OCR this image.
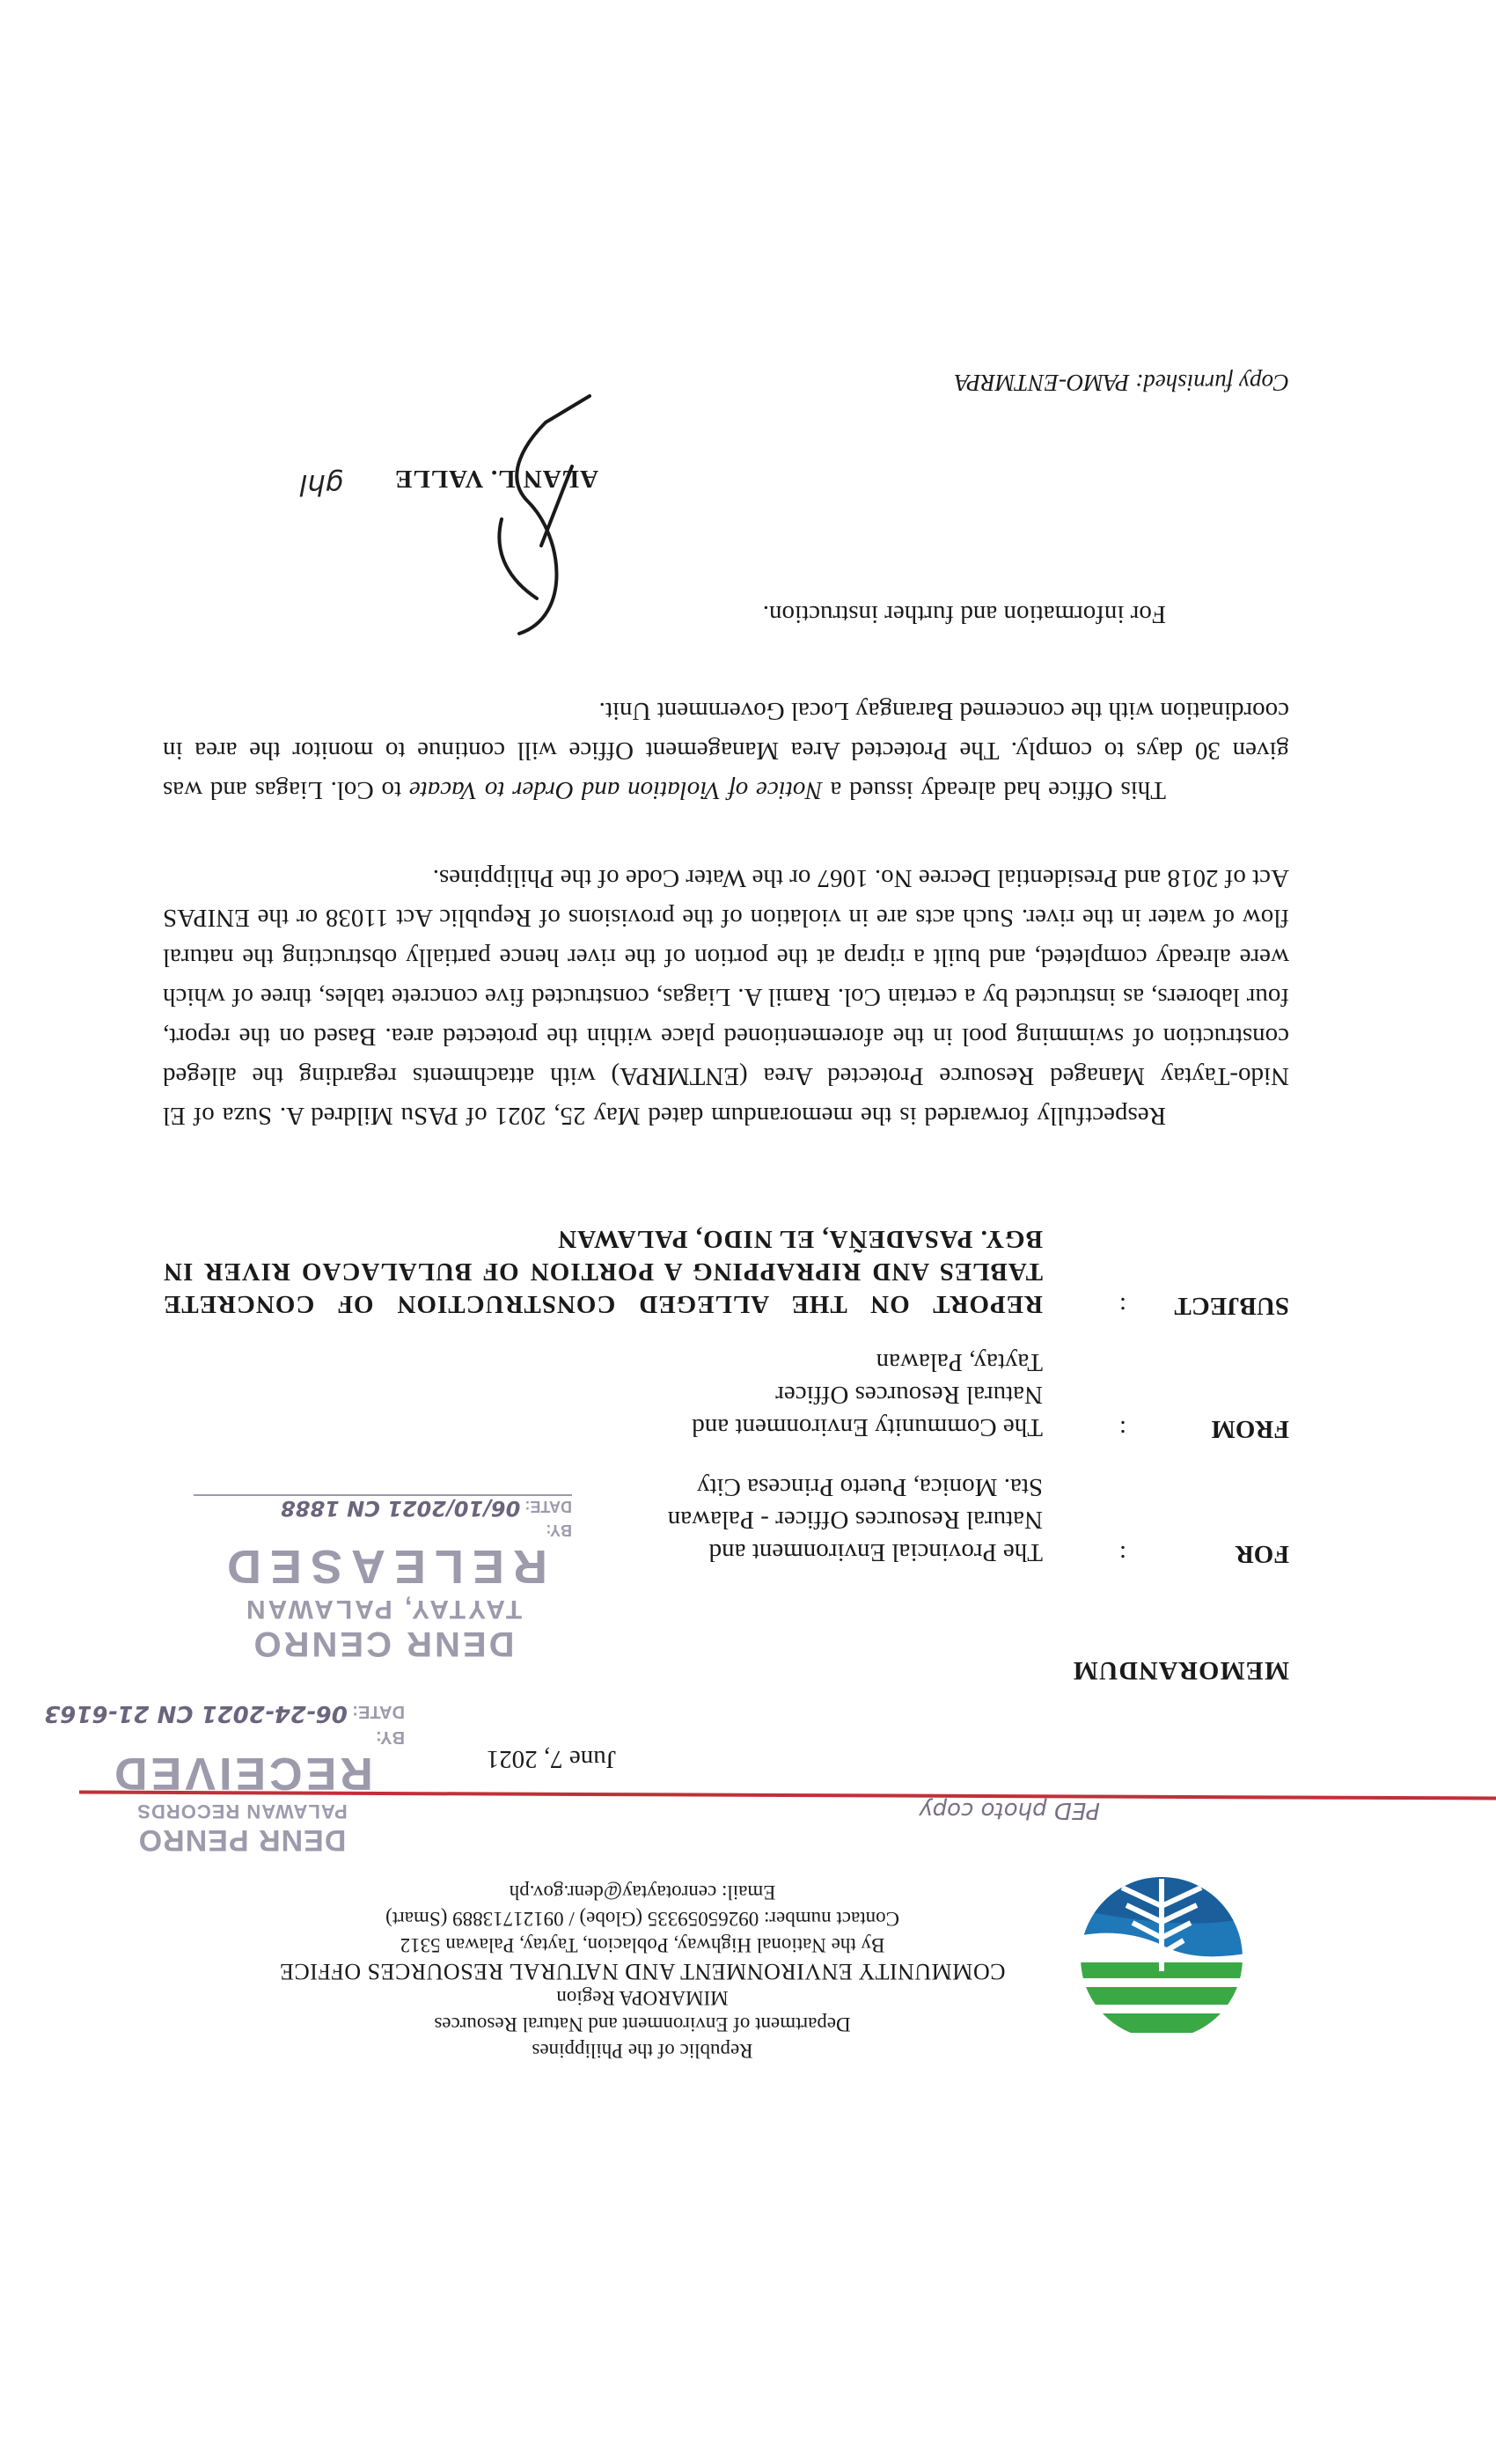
Republic of the Philippines
Department of Environment and Natural Resources
MIMAROPA Region
COMMUNITY ENVIRONMENT AND NATURAL RESOURCES OFFICE
By the National Highway, Poblacion, Taytay, Palawan 5312
Contact number: 09265059335 (Globe) / 09121713889 (Smart)
Email: cenrotaytay@denr.gov.ph
PED photo copy
DENR PENRO
PALAWAN RECORDS
RECEIVED
BY:
DATE: 06-24-2021 CN 21-6163
June 7, 2021
MEMORANDUM
DENR CENRO
TAYTAY, PALAWAN
RELEASED
BY:
DATE: 06/10/2021 CN 1888
FOR
:
The Provincial Environment and
Natural Resources Officer - Palawan
Sta. Monica, Puerto Princesa City
FROM
:
The Community Environment and
Natural Resources Officer
Taytay, Palawan
SUBJECT
:
REPORT ON THE ALLEGED CONSTRUCTION OF CONCRETE TABLES AND RIPRAPPING A PORTION OF BULALACAO RIVER IN BGY. PASADEÑA, EL NIDO, PALAWAN
Respectfully forwarded is the memorandum dated May 25, 2021 of PASu Mildred A. Suza of El Nido-Taytay Managed Resource Protected Area (ENTMRPA) with attachments regarding the alleged construction of swimming pool in the aforementioned place within the protected area. Based on the report, four laborers, as instructed by a certain Col. Ramil A. Liagas, constructed five concrete tables, three of which were already completed, and built a riprap at the portion of the river hence partially obstructing the natural flow of water in the river. Such acts are in violation of the provisions of Republic Act 11038 or the ENIPAS Act of 2018 and Presidential Decree No. 1067 or the Water Code of the Philippines.
This Office had already issued a Notice of Violation and Order to Vacate to Col. Liagas and was given 30 days to comply. The Protected Area Management Office will continue to monitor the area in coordination with the concerned Barangay Local Government Unit.
For information and further instruction.
ALAN L. VALLE
ghl
Copy furnished: PAMO-ENTMRPA
